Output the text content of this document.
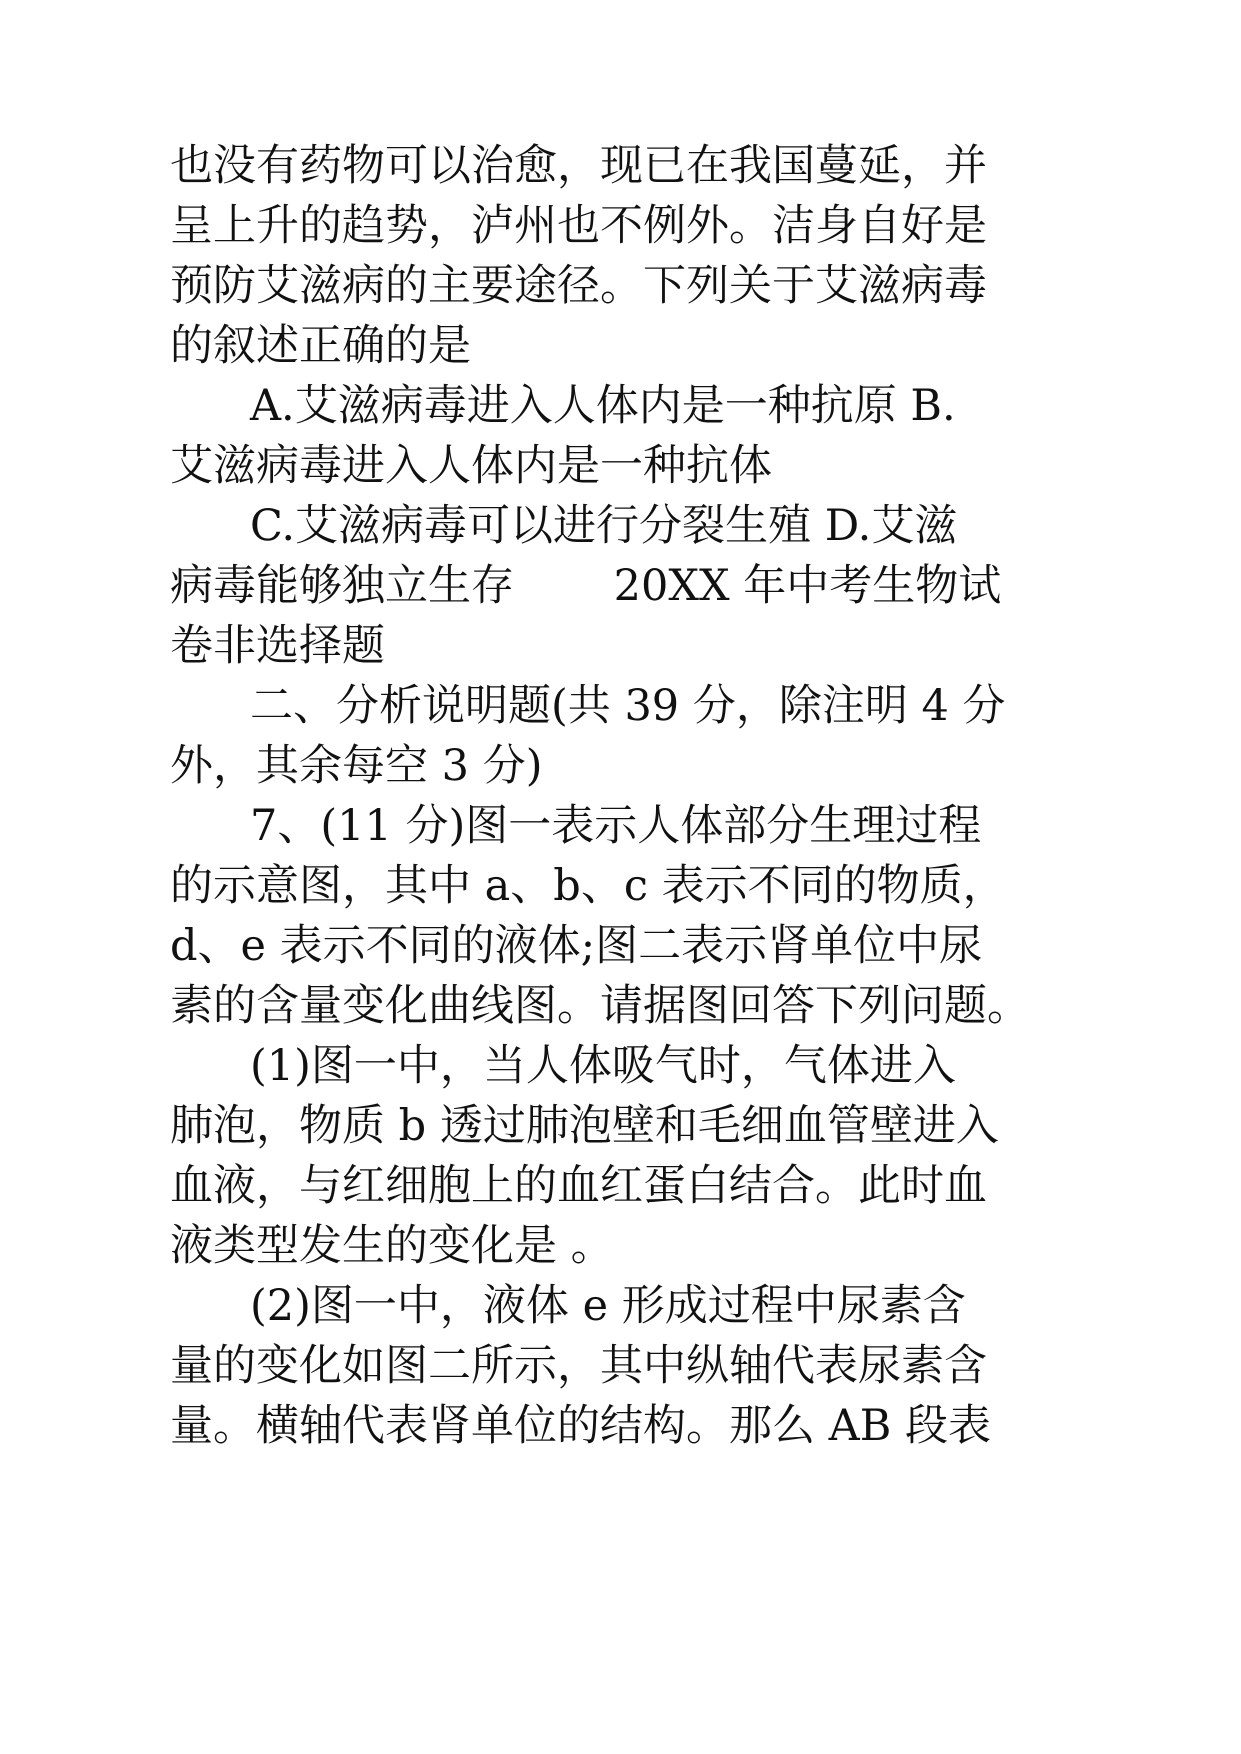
也没有药物可以治愈，现已在我国蔓延，并
呈上升的趋势，泸州也不例外。洁身自好是
预防艾滋病的主要途径。下列关于艾滋病毒
的叙述正确的是
A.艾滋病毒进入人体内是一种抗原 B.
艾滋病毒进入人体内是一种抗体
C.艾滋病毒可以进行分裂生殖 D.艾滋
病毒能够独立生存　　 20XX 年中考生物试
卷非选择题
二、分析说明题(共 39 分，除注明 4 分
外，其余每空 3 分)
7、(11 分)图一表示人体部分生理过程
的示意图，其中 a、b、c 表示不同的物质，
d、e 表示不同的液体;图二表示肾单位中尿
素的含量变化曲线图。请据图回答下列问题。
(1)图一中，当人体吸气时，气体进入
肺泡，物质 b 透过肺泡壁和毛细血管壁进入
血液，与红细胞上的血红蛋白结合。此时血
液类型发生的变化是 。
(2)图一中，液体 e 形成过程中尿素含
量的变化如图二所示，其中纵轴代表尿素含
量。横轴代表肾单位的结构。那么 AB 段表
